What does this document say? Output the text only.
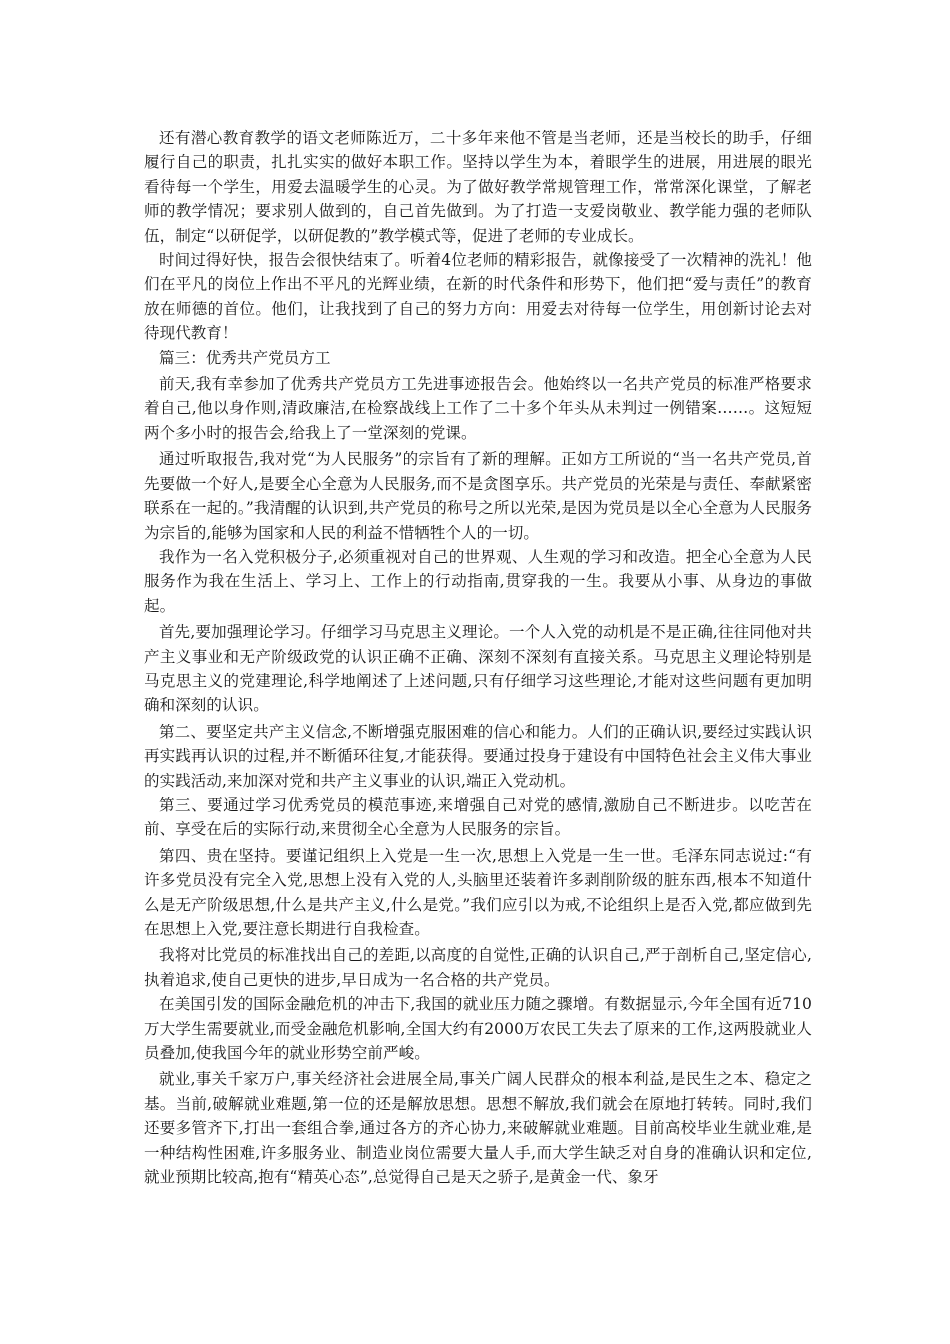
还有潜心教育教学的语文老师陈近万，二十多年来他不管是当老师，还是当校长的助手，仔细履行自己的职责，扎扎实实的做好本职工作。坚持以学生为本，着眼学生的进展，用进展的眼光看待每一个学生，用爱去温暖学生的心灵。为了做好教学常规管理工作，常常深化课堂，了解老师的教学情况；要求别人做到的，自己首先做到。为了打造一支爱岗敬业、教学能力强的老师队伍，制定“以研促学，以研促教的”教学模式等，促进了老师的专业成长。

时间过得好快，报告会很快结束了。听着4位老师的精彩报告，就像接受了一次精神的洗礼！他们在平凡的岗位上作出不平凡的光辉业绩，在新的时代条件和形势下，他们把“爱与责任”的教育放在师德的首位。他们，让我找到了自己的努力方向：用爱去对待每一位学生，用创新讨论去对待现代教育！

篇三：优秀共产党员方工

前天,我有幸参加了优秀共产党员方工先进事迹报告会。他始终以一名共产党员的标准严格要求着自己,他以身作则,清政廉洁,在检察战线上工作了二十多个年头从未判过一例错案……。这短短两个多小时的报告会,给我上了一堂深刻的党课。

通过听取报告,我对党“为人民服务”的宗旨有了新的理解。正如方工所说的“当一名共产党员,首先要做一个好人,是要全心全意为人民服务,而不是贪图享乐。共产党员的光荣是与责任、奉献紧密联系在一起的。”我清醒的认识到,共产党员的称号之所以光荣,是因为党员是以全心全意为人民服务为宗旨的,能够为国家和人民的利益不惜牺牲个人的一切。

我作为一名入党积极分子,必须重视对自己的世界观、人生观的学习和改造。把全心全意为人民服务作为我在生活上、学习上、工作上的行动指南,贯穿我的一生。我要从小事、从身边的事做起。

首先,要加强理论学习。仔细学习马克思主义理论。一个人入党的动机是不是正确,往往同他对共产主义事业和无产阶级政党的认识正确不正确、深刻不深刻有直接关系。马克思主义理论特别是马克思主义的党建理论,科学地阐述了上述问题,只有仔细学习这些理论,才能对这些问题有更加明确和深刻的认识。

第二、要坚定共产主义信念,不断增强克服困难的信心和能力。人们的正确认识,要经过实践认识再实践再认识的过程,并不断循环往复,才能获得。要通过投身于建设有中国特色社会主义伟大事业的实践活动,来加深对党和共产主义事业的认识,端正入党动机。

第三、要通过学习优秀党员的模范事迹,来增强自己对党的感情,激励自己不断进步。以吃苦在前、享受在后的实际行动,来贯彻全心全意为人民服务的宗旨。

第四、贵在坚持。要谨记组织上入党是一生一次,思想上入党是一生一世。毛泽东同志说过:“有许多党员没有完全入党,思想上没有入党的人,头脑里还装着许多剥削阶级的脏东西,根本不知道什么是无产阶级思想,什么是共产主义,什么是党。”我们应引以为戒,不论组织上是否入党,都应做到先在思想上入党,要注意长期进行自我检查。

我将对比党员的标准找出自己的差距,以高度的自觉性,正确的认识自己,严于剖析自己,坚定信心,执着追求,使自己更快的进步,早日成为一名合格的共产党员。

在美国引发的国际金融危机的冲击下,我国的就业压力随之骤增。有数据显示,今年全国有近710万大学生需要就业,而受金融危机影响,全国大约有2000万农民工失去了原来的工作,这两股就业人员叠加,使我国今年的就业形势空前严峻。

就业,事关千家万户,事关经济社会进展全局,事关广阔人民群众的根本利益,是民生之本、稳定之基。当前,破解就业难题,第一位的还是解放思想。思想不解放,我们就会在原地打转转。同时,我们还要多管齐下,打出一套组合拳,通过各方的齐心协力,来破解就业难题。目前高校毕业生就业难,是一种结构性困难,许多服务业、制造业岗位需要大量人手,而大学生缺乏对自身的准确认识和定位,就业预期比较高,抱有“精英心态”,总觉得自己是天之骄子,是黄金一代、象牙
